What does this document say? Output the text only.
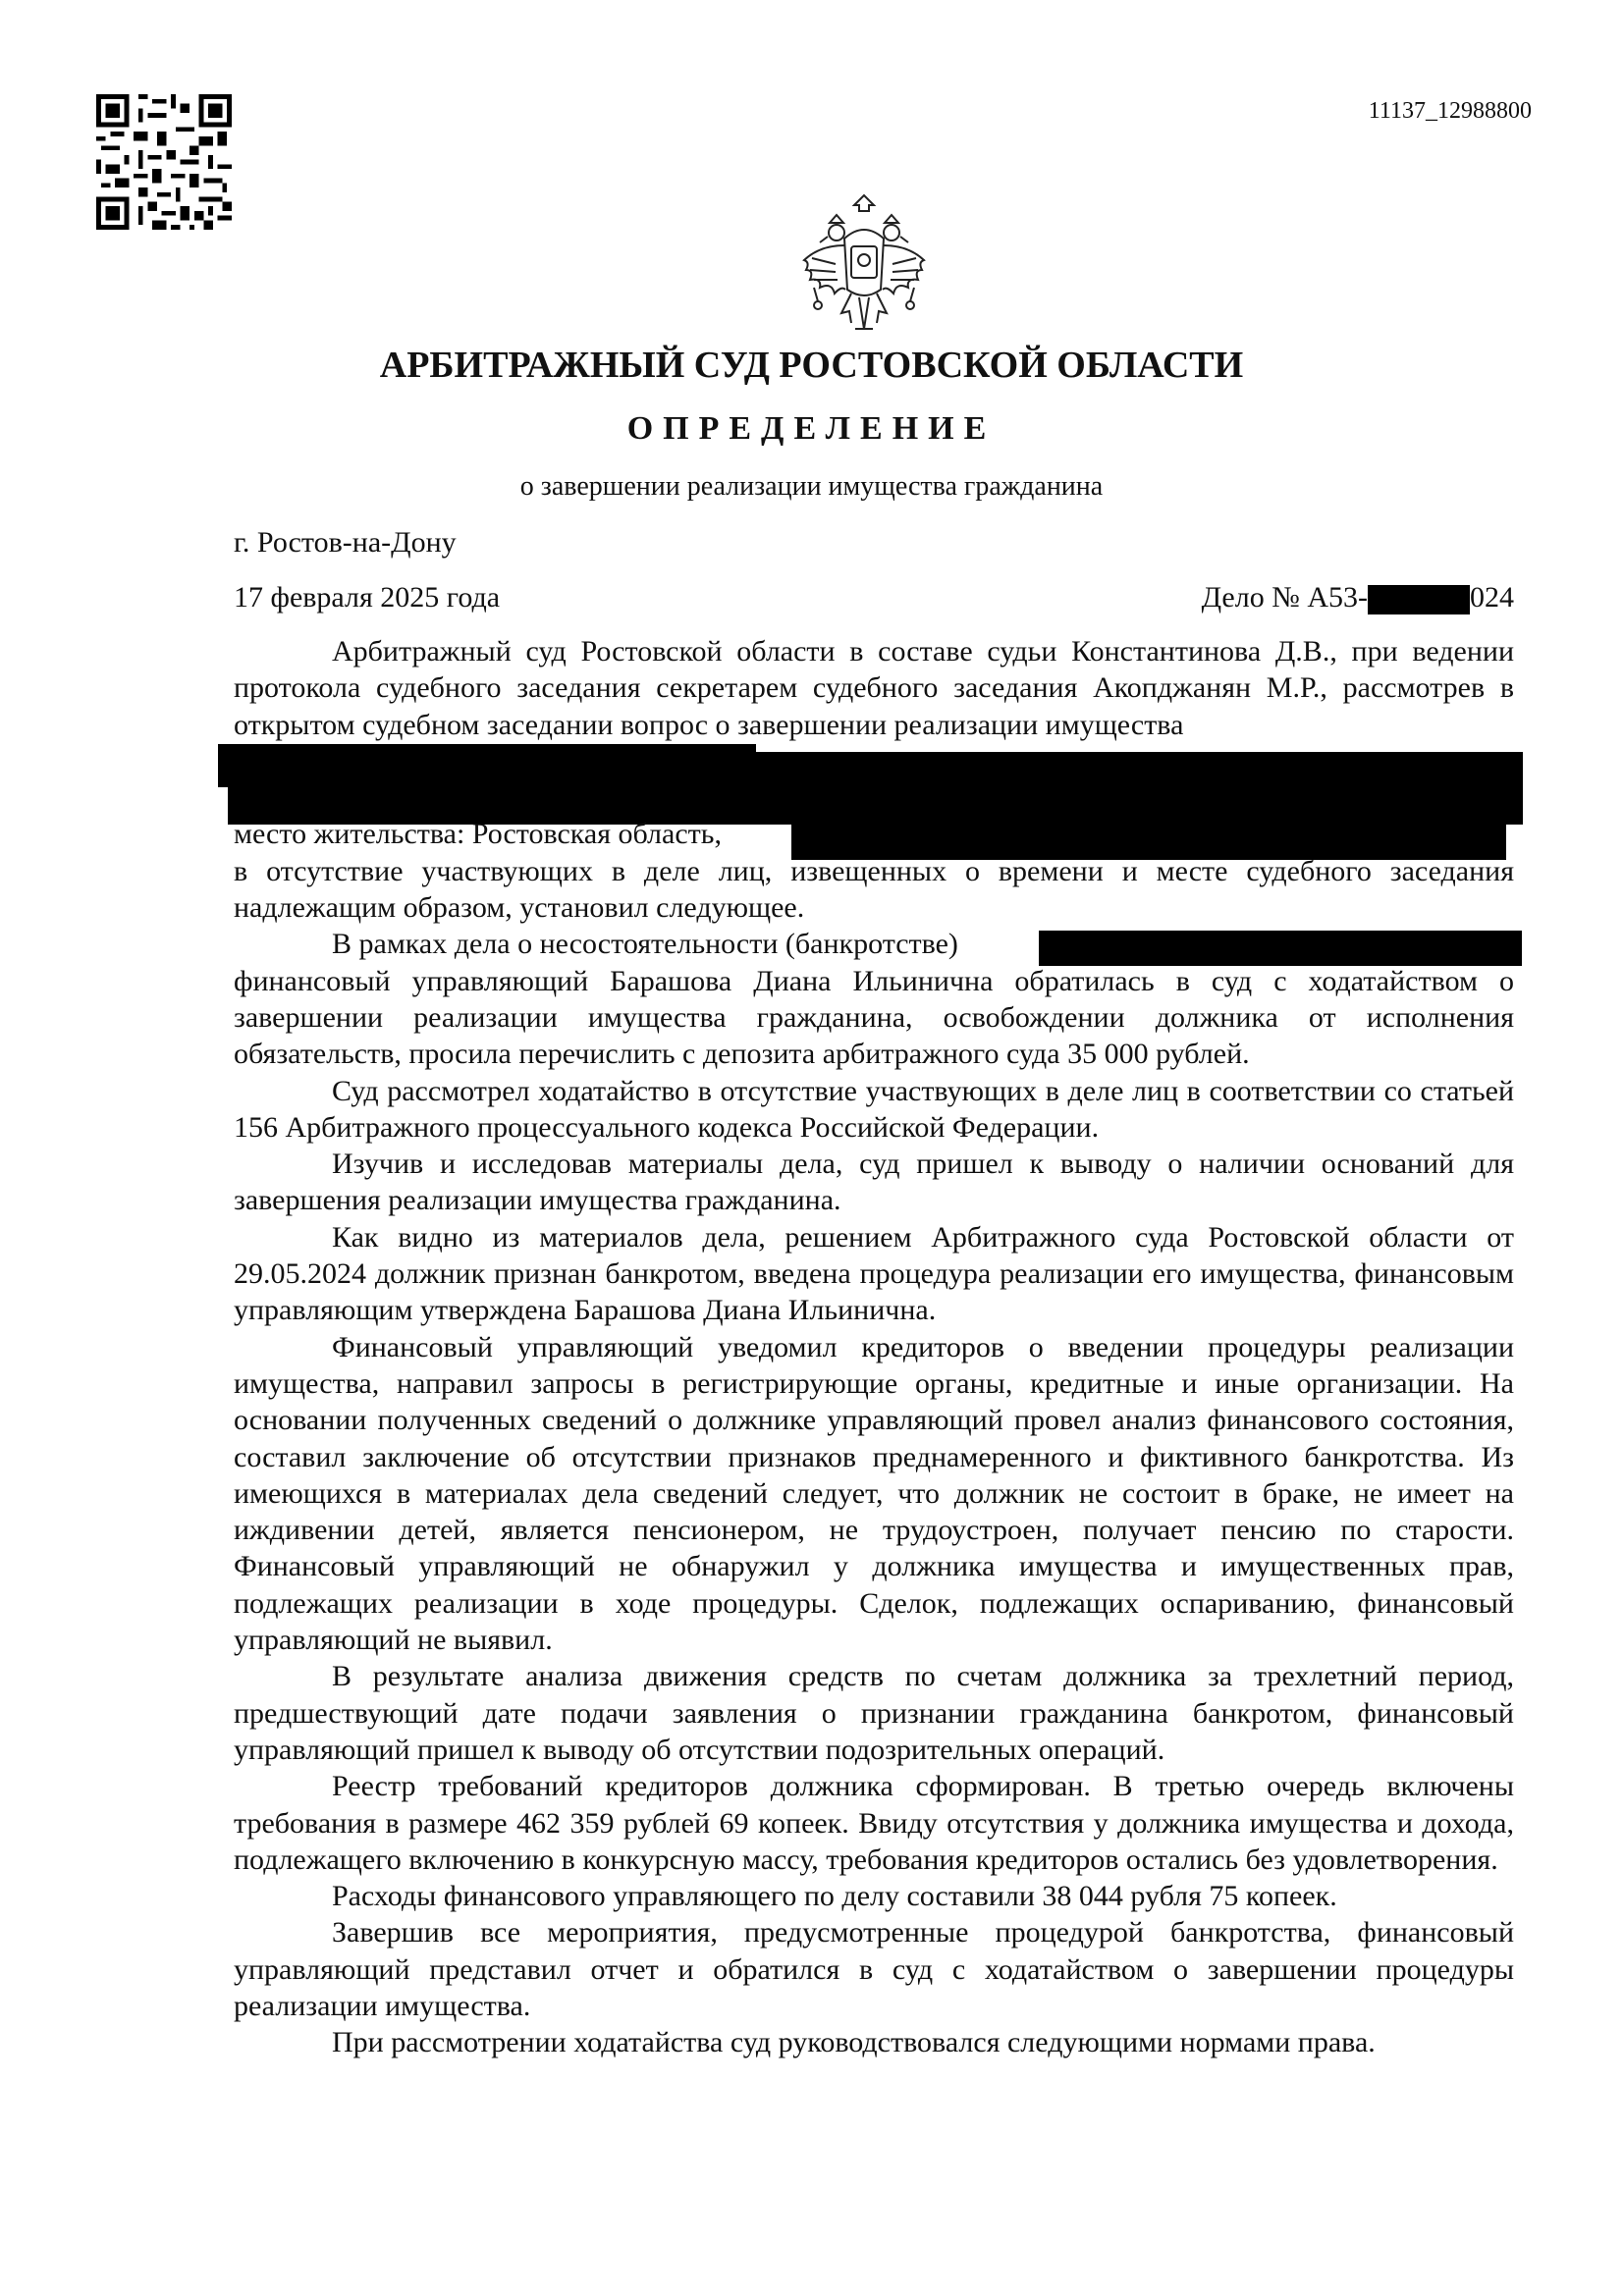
11137_12988800
АРБИТРАЖНЫЙ СУД РОСТОВСКОЙ ОБЛАСТИ
ОПРЕДЕЛЕНИЕ
о завершении реализации имущества гражданина
г. Ростов-на-Дону
17 февраля 2025 года	Дело № А53-	024

Арбитражный суд Ростовской области в составе судьи Константинова Д.В., при ведении протокола судебного заседания секретарем судебного заседания Акопджанян М.Р., рассмотрев в открытом судебном заседании вопрос о завершении реализации имущества

место жительства: Ростовская область,

в отсутствие участвующих в деле лиц, извещенных о времени и месте судебного заседания надлежащим образом, установил следующее.

В рамках дела о несостоятельности (банкротстве)

финансовый управляющий Барашова Диана Ильинична обратилась в суд с ходатайством о завершении реализации имущества гражданина, освобождении должника от исполнения обязательств, просила перечислить с депозита арбитражного суда 35 000 рублей.

Суд рассмотрел ходатайство в отсутствие участвующих в деле лиц в соответствии со статьей 156 Арбитражного процессуального кодекса Российской Федерации.

Изучив и исследовав материалы дела, суд пришел к выводу о наличии оснований для завершения реализации имущества гражданина.

Как видно из материалов дела, решением Арбитражного суда Ростовской области от 29.05.2024 должник признан банкротом, введена процедура реализации его имущества, финансовым управляющим утверждена Барашова Диана Ильинична.

Финансовый управляющий уведомил кредиторов о введении процедуры реализации имущества, направил запросы в регистрирующие органы, кредитные и иные организации. На основании полученных сведений о должнике управляющий провел анализ финансового состояния, составил заключение об отсутствии признаков преднамеренного и фиктивного банкротства. Из имеющихся в материалах дела сведений следует, что должник не состоит в браке, не имеет на иждивении детей, является пенсионером, не трудоустроен, получает пенсию по старости. Финансовый управляющий не обнаружил у должника имущества и имущественных прав, подлежащих реализации в ходе процедуры. Сделок, подлежащих оспариванию, финансовый управляющий не выявил.

В результате анализа движения средств по счетам должника за трехлетний период, предшествующий дате подачи заявления о признании гражданина банкротом, финансовый управляющий пришел к выводу об отсутствии подозрительных операций.

Реестр требований кредиторов должника сформирован. В третью очередь включены требования в размере 462 359 рублей 69 копеек. Ввиду отсутствия у должника имущества и дохода, подлежащего включению в конкурсную массу, требования кредиторов остались без удовлетворения.

Расходы финансового управляющего по делу составили 38 044 рубля 75 копеек.

Завершив все мероприятия, предусмотренные процедурой банкротства, финансовый управляющий представил отчет и обратился в суд с ходатайством о завершении процедуры реализации имущества.

При рассмотрении ходатайства суд руководствовался следующими нормами права.
